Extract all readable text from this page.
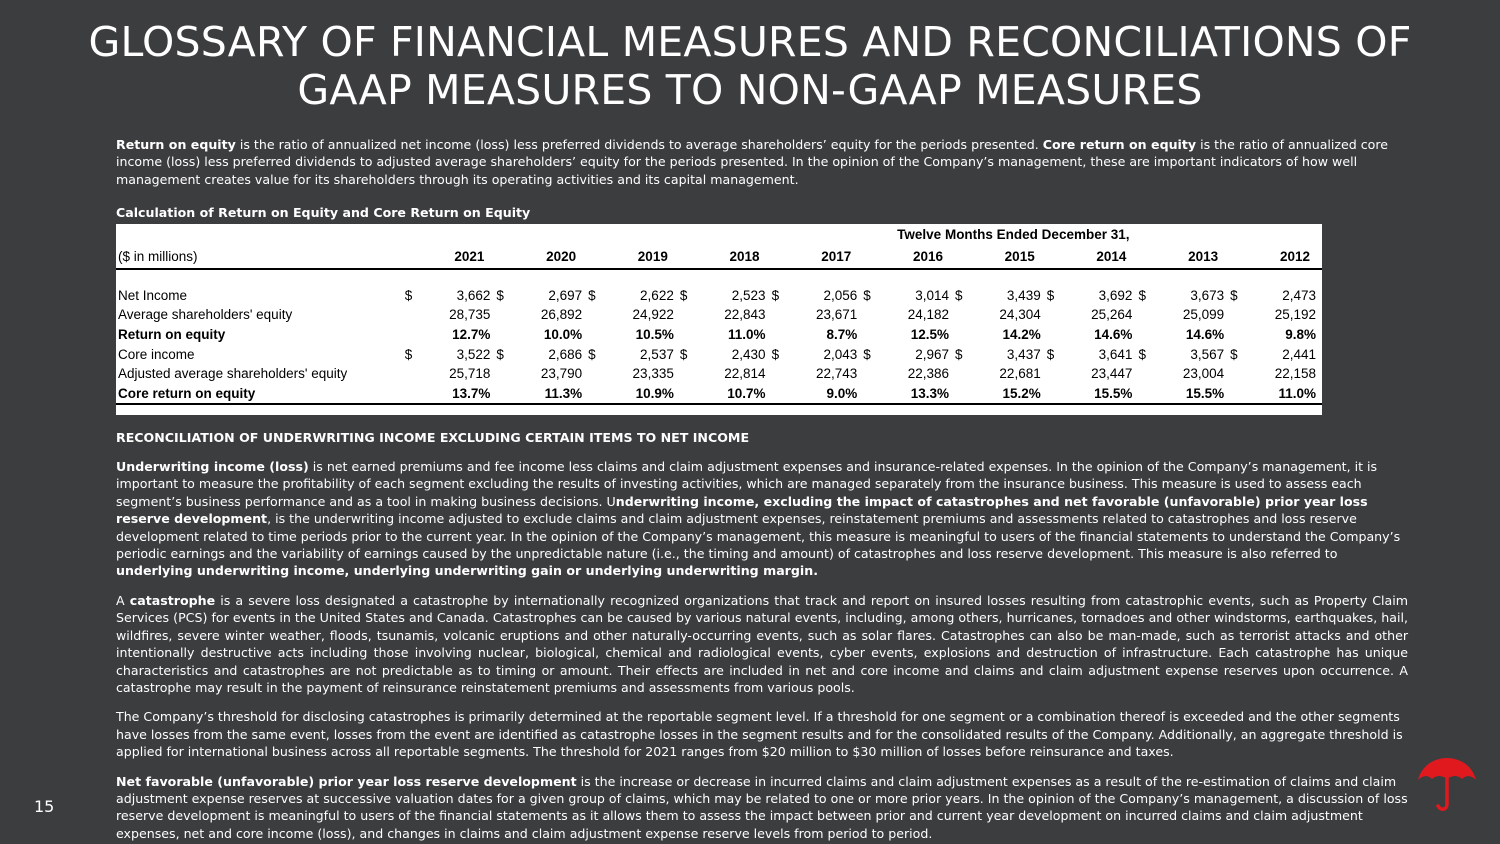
GLOSSARY OF FINANCIAL MEASURES AND RECONCILIATIONS OF
GAAP MEASURES TO NON-GAAP MEASURES

Return on equity is the ratio of annualized net income (loss) less preferred dividends to average shareholders’ equity for the periods presented. Core return on equity is the ratio of annualized core income (loss) less preferred dividends to adjusted average shareholders’ equity for the periods presented. In the opinion of the Company’s management, these are important indicators of how well management creates value for its shareholders through its operating activities and its capital management.

Calculation of Return on Equity and Core Return on Equity

	Twelve Months Ended December 31,																			
($ in millions)	2021		2020		2019		2018		2017		2016		2015		2014		2013		2012	

Net Income	$	3,662	$	2,697	$	2,622	$	2,523	$	2,056	$	3,014	$	3,439	$	3,692	$	3,673	$	2,473
Average shareholders' equity		28,735		26,892		24,922		22,843		23,671		24,182		24,304		25,264		25,099		25,192
Return on equity		12.7%		10.0%		10.5%		11.0%		8.7%		12.5%		14.2%		14.6%		14.6%		9.8%
Core income	$	3,522	$	2,686	$	2,537	$	2,430	$	2,043	$	2,967	$	3,437	$	3,641	$	3,567	$	2,441
Adjusted average shareholders' equity		25,718		23,790		23,335		22,814		22,743		22,386		22,681		23,447		23,004		22,158
Core return on equity		13.7%		11.3%		10.9%		10.7%		9.0%		13.3%		15.2%		15.5%		15.5%		11.0%

RECONCILIATION OF UNDERWRITING INCOME EXCLUDING CERTAIN ITEMS TO NET INCOME

Underwriting income (loss) is net earned premiums and fee income less claims and claim adjustment expenses and insurance-related expenses. In the opinion of the Company’s management, it is important to measure the profitability of each segment excluding the results of investing activities, which are managed separately from the insurance business. This measure is used to assess each segment’s business performance and as a tool in making business decisions. Underwriting income, excluding the impact of catastrophes and net favorable (unfavorable) prior year loss reserve development, is the underwriting income adjusted to exclude claims and claim adjustment expenses, reinstatement premiums and assessments related to catastrophes and loss reserve development related to time periods prior to the current year. In the opinion of the Company’s management, this measure is meaningful to users of the financial statements to understand the Company’s periodic earnings and the variability of earnings caused by the unpredictable nature (i.e., the timing and amount) of catastrophes and loss reserve development. This measure is also referred to underlying underwriting income, underlying underwriting gain or underlying underwriting margin.

A catastrophe is a severe loss designated a catastrophe by internationally recognized organizations that track and report on insured losses resulting from catastrophic events, such as Property Claim Services (PCS) for events in the United States and Canada. Catastrophes can be caused by various natural events, including, among others, hurricanes, tornadoes and other windstorms, earthquakes, hail, wildfires, severe winter weather, floods, tsunamis, volcanic eruptions and other naturally-occurring events, such as solar flares. Catastrophes can also be man-made, such as terrorist attacks and other intentionally destructive acts including those involving nuclear, biological, chemical and radiological events, cyber events, explosions and destruction of infrastructure. Each catastrophe has unique characteristics and catastrophes are not predictable as to timing or amount. Their effects are included in net and core income and claims and claim adjustment expense reserves upon occurrence. A catastrophe may result in the payment of reinsurance reinstatement premiums and assessments from various pools.

The Company’s threshold for disclosing catastrophes is primarily determined at the reportable segment level. If a threshold for one segment or a combination thereof is exceeded and the other segments have losses from the same event, losses from the event are identified as catastrophe losses in the segment results and for the consolidated results of the Company. Additionally, an aggregate threshold is applied for international business across all reportable segments. The threshold for 2021 ranges from $20 million to $30 million of losses before reinsurance and taxes.

Net favorable (unfavorable) prior year loss reserve development is the increase or decrease in incurred claims and claim adjustment expenses as a result of the re-estimation of claims and claim adjustment expense reserves at successive valuation dates for a given group of claims, which may be related to one or more prior years. In the opinion of the Company’s management, a discussion of loss reserve development is meaningful to users of the financial statements as it allows them to assess the impact between prior and current year development on incurred claims and claim adjustment expenses, net and core income (loss), and changes in claims and claim adjustment expense reserve levels from period to period.

15
